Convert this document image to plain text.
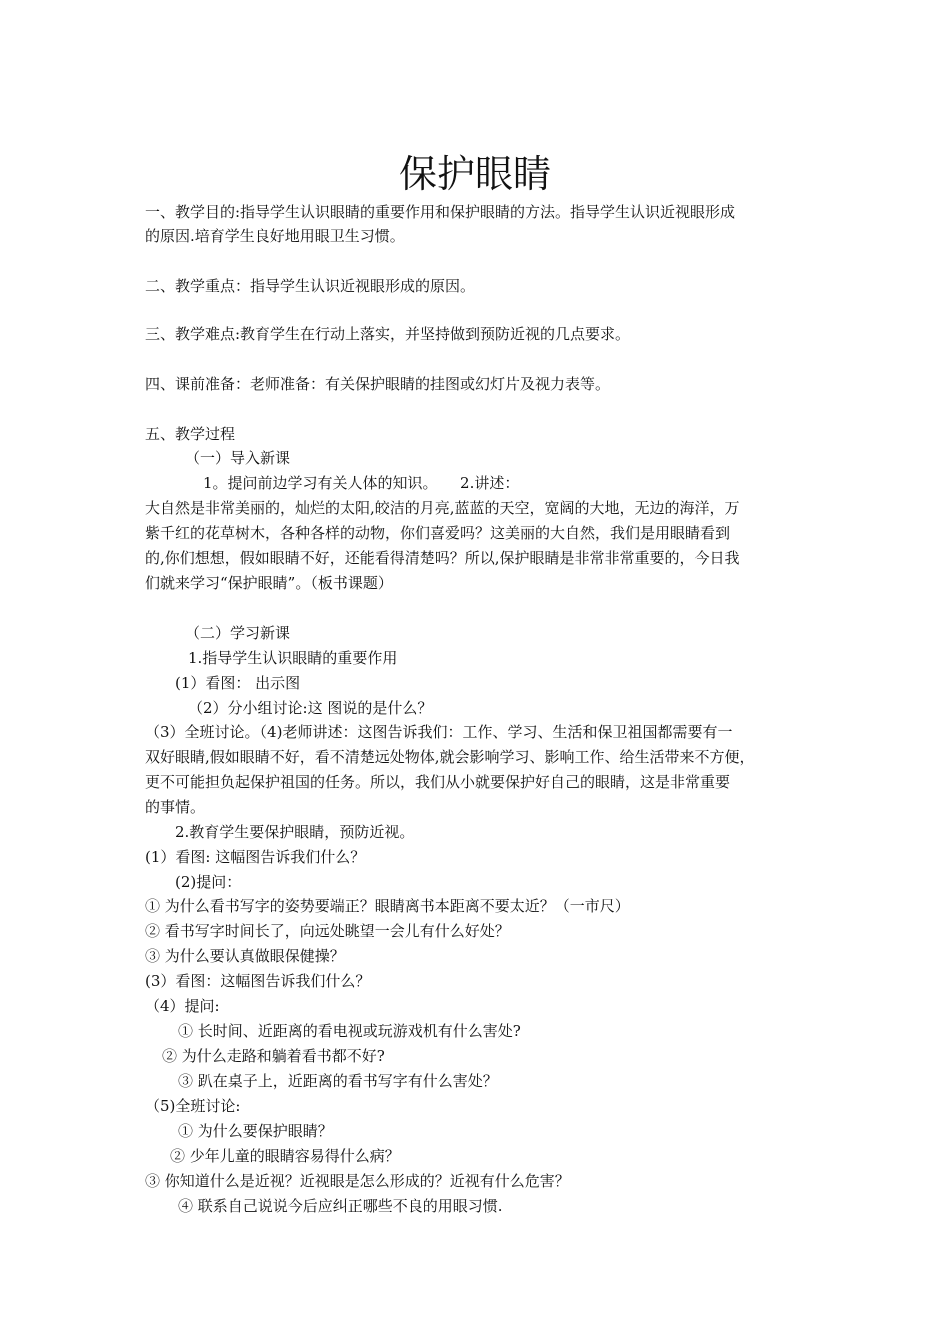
保护眼睛
一、教学目的:指导学生认识眼睛的重要作用和保护眼睛的方法。指导学生认识近视眼形成
的原因.培育学生良好地用眼卫生习惯。
二、教学重点：指导学生认识近视眼形成的原因。
三、教学难点:教育学生在行动上落实，并坚持做到预防近视的几点要求。
四、课前准备：老师准备：有关保护眼睛的挂图或幻灯片及视力表等。
五、教学过程
（一）导入新课
1。提问前边学习有关人体的知识。　　2.讲述：
大自然是非常美丽的，灿烂的太阳,皎洁的月亮,蓝蓝的天空，宽阔的大地，无边的海洋，万
紫千红的花草树木，各种各样的动物，你们喜爱吗？这美丽的大自然，我们是用眼睛看到
的,你们想想，假如眼睛不好，还能看得清楚吗？所以,保护眼睛是非常非常重要的，今日我
们就来学习“保护眼睛”。（板书课题）
（二）学习新课
1.指导学生认识眼睛的重要作用
(1）看图： 出示图
（2）分小组讨论:这 图说的是什么？
（3）全班讨论。（4)老师讲述：这图告诉我们：工作、学习、生活和保卫祖国都需要有一
双好眼睛,假如眼睛不好，看不清楚远处物体,就会影响学习、影响工作、给生活带来不方便，
更不可能担负起保护祖国的任务。所以，我们从小就要保护好自己的眼睛，这是非常重要
的事情。
2.教育学生要保护眼睛，预防近视。
(1）看图: 这幅图告诉我们什么？
(2)提问：
① 为什么看书写字的姿势要端正？眼睛离书本距离不要太近？（一市尺）
② 看书写字时间长了，向远处眺望一会儿有什么好处？
③ 为什么要认真做眼保健操？
(3）看图：这幅图告诉我们什么？
（4）提问:
① 长时间、近距离的看电视或玩游戏机有什么害处?
② 为什么走路和躺着看书都不好?
③ 趴在桌子上，近距离的看书写字有什么害处？
（5)全班讨论:
① 为什么要保护眼睛？
② 少年儿童的眼睛容易得什么病？
③ 你知道什么是近视？近视眼是怎么形成的？近视有什么危害？
④ 联系自己说说今后应纠正哪些不良的用眼习惯.
